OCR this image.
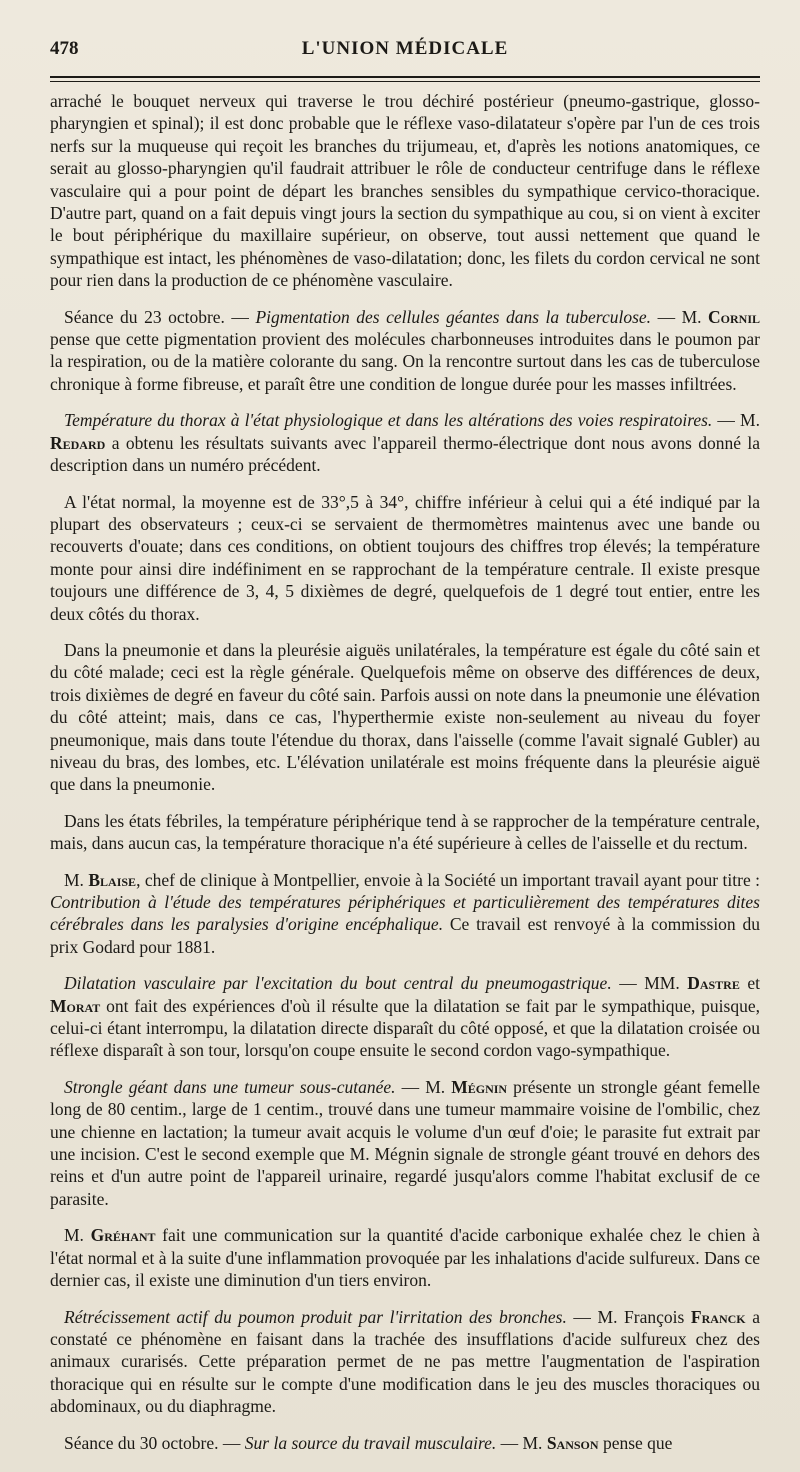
478	L'UNION MÉDICALE

arraché le bouquet nerveux qui traverse le trou déchiré postérieur (pneumo-gastrique, glosso-pharyngien et spinal); il est donc probable que le réflexe vaso-dilatateur s'opère par l'un de ces trois nerfs sur la muqueuse qui reçoit les branches du trijumeau, et, d'après les notions anatomiques, ce serait au glosso-pharyngien qu'il faudrait attribuer le rôle de conducteur centrifuge dans le réflexe vasculaire qui a pour point de départ les branches sensibles du sympathique cervico-thoracique. D'autre part, quand on a fait depuis vingt jours la section du sympathique au cou, si on vient à exciter le bout périphérique du maxillaire supérieur, on observe, tout aussi nettement que quand le sympathique est intact, les phénomènes de vaso-dilatation; donc, les filets du cordon cervical ne sont pour rien dans la production de ce phénomène vasculaire.

Séance du 23 octobre. — Pigmentation des cellules géantes dans la tuberculose. — M. Cornil pense que cette pigmentation provient des molécules charbonneuses introduites dans le poumon par la respiration, ou de la matière colorante du sang. On la rencontre surtout dans les cas de tuberculose chronique à forme fibreuse, et paraît être une condition de longue durée pour les masses infiltrées.

Température du thorax à l'état physiologique et dans les altérations des voies respiratoires. — M. Redard a obtenu les résultats suivants avec l'appareil thermo-électrique dont nous avons donné la description dans un numéro précédent.

A l'état normal, la moyenne est de 33°,5 à 34°, chiffre inférieur à celui qui a été indiqué par la plupart des observateurs ; ceux-ci se servaient de thermomètres maintenus avec une bande ou recouverts d'ouate; dans ces conditions, on obtient toujours des chiffres trop élevés; la température monte pour ainsi dire indéfiniment en se rapprochant de la température centrale. Il existe presque toujours une différence de 3, 4, 5 dixièmes de degré, quelquefois de 1 degré tout entier, entre les deux côtés du thorax.

Dans la pneumonie et dans la pleurésie aiguës unilatérales, la température est égale du côté sain et du côté malade; ceci est la règle générale. Quelquefois même on observe des différences de deux, trois dixièmes de degré en faveur du côté sain. Parfois aussi on note dans la pneumonie une élévation du côté atteint; mais, dans ce cas, l'hyperthermie existe non-seulement au niveau du foyer pneumonique, mais dans toute l'étendue du thorax, dans l'aisselle (comme l'avait signalé Gubler) au niveau du bras, des lombes, etc. L'élévation unilatérale est moins fréquente dans la pleurésie aiguë que dans la pneumonie.

Dans les états fébriles, la température périphérique tend à se rapprocher de la température centrale, mais, dans aucun cas, la température thoracique n'a été supérieure à celles de l'aisselle et du rectum.

M. Blaise, chef de clinique à Montpellier, envoie à la Société un important travail ayant pour titre : Contribution à l'étude des températures périphériques et particulièrement des températures dites cérébrales dans les paralysies d'origine encéphalique. Ce travail est renvoyé à la commission du prix Godard pour 1881.

Dilatation vasculaire par l'excitation du bout central du pneumogastrique. — MM. Dastre et Morat ont fait des expériences d'où il résulte que la dilatation se fait par le sympathique, puisque, celui-ci étant interrompu, la dilatation directe disparaît du côté opposé, et que la dilatation croisée ou réflexe disparaît à son tour, lorsqu'on coupe ensuite le second cordon vago-sympathique.

Strongle géant dans une tumeur sous-cutanée. — M. Mégnin présente un strongle géant femelle long de 80 centim., large de 1 centim., trouvé dans une tumeur mammaire voisine de l'ombilic, chez une chienne en lactation; la tumeur avait acquis le volume d'un œuf d'oie; le parasite fut extrait par une incision. C'est le second exemple que M. Mégnin signale de strongle géant trouvé en dehors des reins et d'un autre point de l'appareil urinaire, regardé jusqu'alors comme l'habitat exclusif de ce parasite.

M. Gréhant fait une communication sur la quantité d'acide carbonique exhalée chez le chien à l'état normal et à la suite d'une inflammation provoquée par les inhalations d'acide sulfureux. Dans ce dernier cas, il existe une diminution d'un tiers environ.

Rétrécissement actif du poumon produit par l'irritation des bronches. — M. François Franck a constaté ce phénomène en faisant dans la trachée des insufflations d'acide sulfureux chez des animaux curarisés. Cette préparation permet de ne pas mettre l'augmentation de l'aspiration thoracique qui en résulte sur le compte d'une modification dans le jeu des muscles thoraciques ou abdominaux, ou du diaphragme.

Séance du 30 octobre. — Sur la source du travail musculaire. — M. Sanson pense que
